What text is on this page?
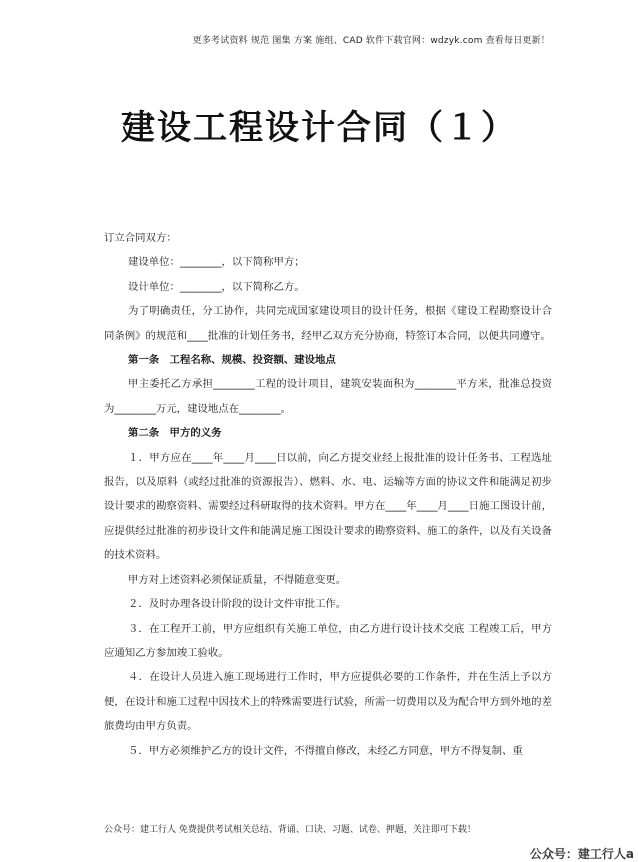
更多考试资料 规范 图集 方案 施组、CAD 软件下载官网：wdzyk.com 查看每日更新！
建设工程设计合同（１）

订立合同双方：

建设单位：________，以下简称甲方；

设计单位：________，以下简称乙方。

为了明确责任，分工协作，共同完成国家建设项目的设计任务，根据《建设工程勘察设计合同条例》的规范和____批准的计划任务书，经甲乙双方充分协商，特签订本合同，以便共同遵守。

第一条　工程名称、规模、投资额、建设地点

甲主委托乙方承担________工程的设计项目，建筑安装面积为________平方米，批准总投资为________万元，建设地点在________。

第二条　甲方的义务

１．甲方应在____年____月____日以前，向乙方提交业经上报批准的设计任务书、工程选址报告，以及原料（或经过批准的资源报告）、燃料、水、电、运输等方面的协议文件和能满足初步设计要求的勘察资料、需要经过科研取得的技术资料。甲方在____年____月____日施工图设计前，应提供经过批准的初步设计文件和能满足施工图设计要求的勘察资料、施工的条件，以及有关设备的技术资料。

甲方对上述资料必须保证质量，不得随意变更。

２．及时办理各设计阶段的设计文件审批工作。

３．在工程开工前，甲方应组织有关施工单位，由乙方进行设计技术交底 工程竣工后，甲方应通知乙方参加竣工验收。

４．在设计人员进入施工现场进行工作时，甲方应提供必要的工作条件，并在生活上予以方便，在设计和施工过程中因技术上的特殊需要进行试验，所需一切费用以及为配合甲方到外地的差旅费均由甲方负责。

５．甲方必须维护乙方的设计文件，不得擅自修改，未经乙方同意，甲方不得复制、重

公众号：建工行人 免费提供考试相关总结、背诵、口诀、习题、试卷、押题，关注即可下载！
公众号：建工行人a
